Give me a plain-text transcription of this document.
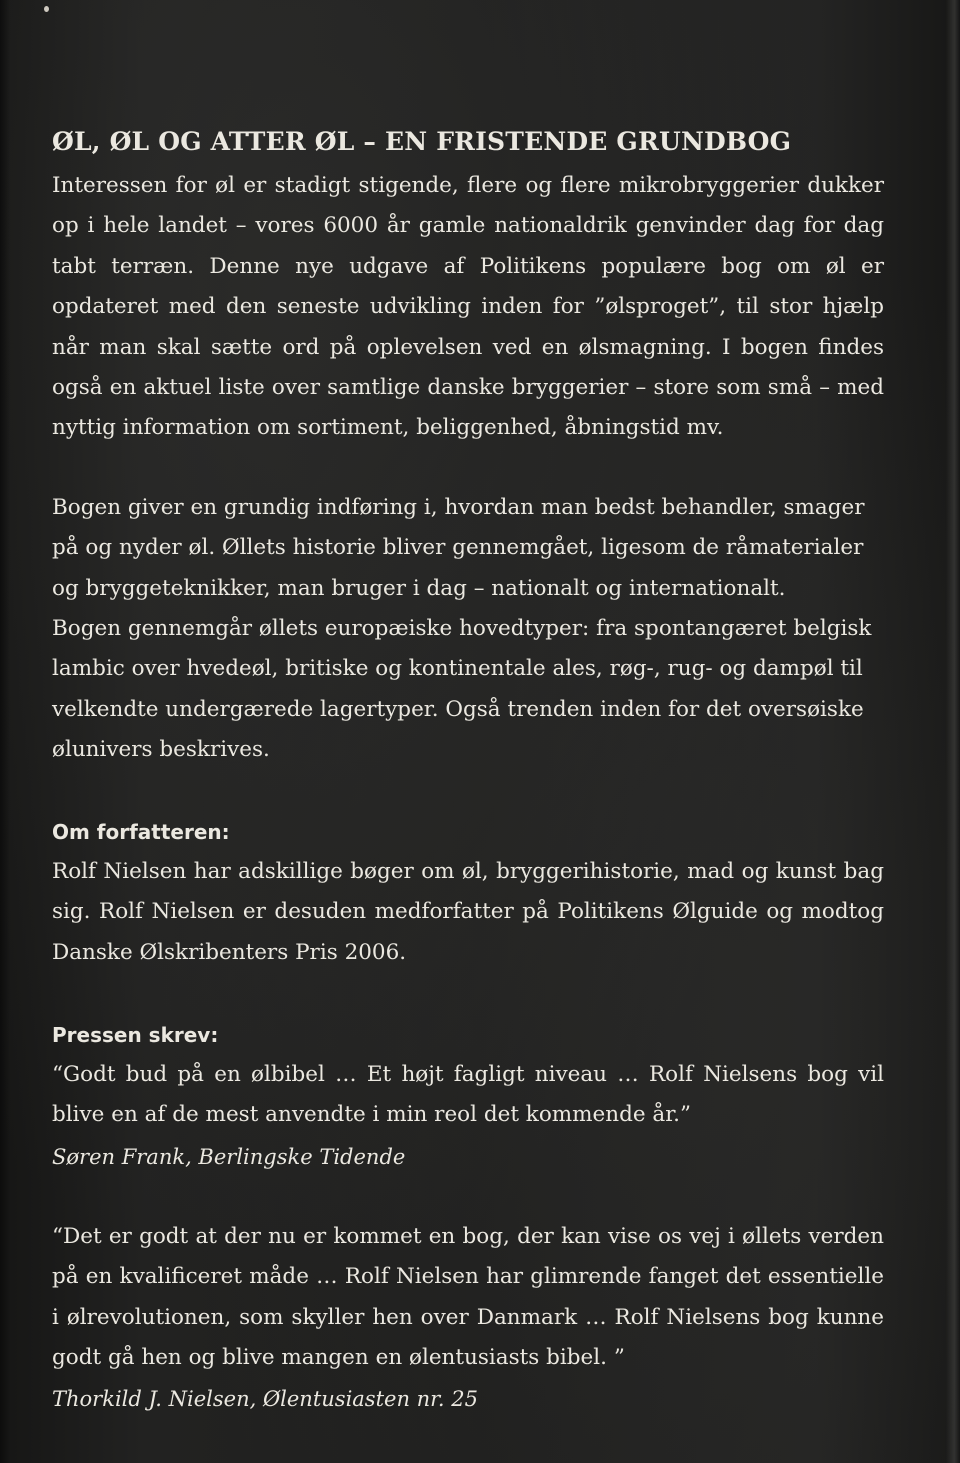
ØL, ØL OG ATTER ØL – EN FRISTENDE GRUNDBOG

Interessen for øl er stadigt stigende, flere og flere mikrobryggerier dukker op i hele landet – vores 6000 år gamle nationaldrik genvinder dag for dag tabt terræn. Denne nye udgave af Politikens populære bog om øl er opdateret med den seneste udvikling inden for ”ølsproget”, til stor hjælp når man skal sætte ord på oplevelsen ved en ølsmagning. I bogen findes også en aktuel liste over samtlige danske bryggerier – store som små – med nyttig information om sortiment, beliggenhed, åbningstid mv.

Bogen giver en grundig indføring i, hvordan man bedst behandler, smager på og nyder øl. Øllets historie bliver gennemgået, ligesom de råmaterialer og bryggeteknikker, man bruger i dag – nationalt og internationalt.

Bogen gennemgår øllets europæiske hovedtyper: fra spontangæret belgisk lambic over hvedeøl, britiske og kontinentale ales, røg-, rug- og dampøl til velkendte undergærede lagertyper. Også trenden inden for det oversøiske ølunivers beskrives.

Om forfatteren:

Rolf Nielsen har adskillige bøger om øl, bryggerihistorie, mad og kunst bag sig. Rolf Nielsen er desuden medforfatter på Politikens Ølguide og modtog Danske Ølskribenters Pris 2006.

Pressen skrev:

“Godt bud på en ølbibel … Et højt fagligt niveau … Rolf Nielsens bog vil blive en af de mest anvendte i min reol det kommende år.”

Søren Frank, Berlingske Tidende

“Det er godt at der nu er kommet en bog, der kan vise os vej i øllets verden på en kvalificeret måde … Rolf Nielsen har glimrende fanget det essentielle i ølrevolutionen, som skyller hen over Danmark … Rolf Nielsens bog kunne godt gå hen og blive mangen en ølentusiasts bibel. ”

Thorkild J. Nielsen, Ølentusiasten nr. 25
